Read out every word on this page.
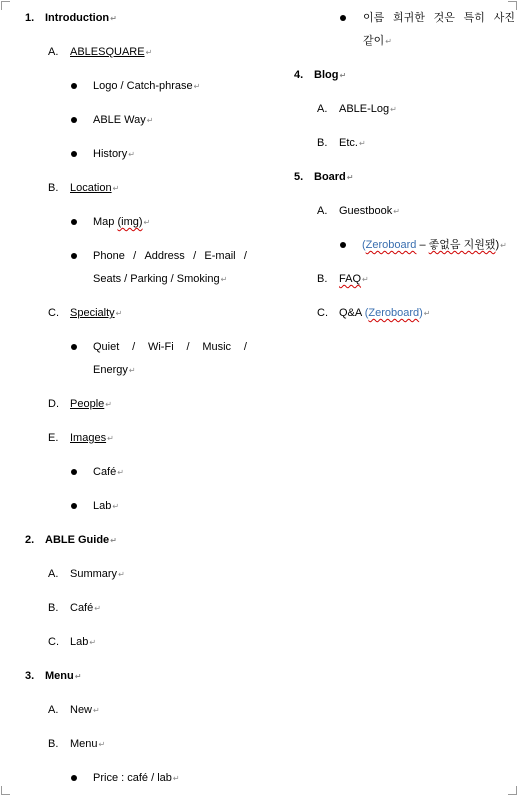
1. Introduction↵
A. ABLESQUARE↵
Logo / Catch-phrase↵
ABLE Way↵
History↵
B. Location↵
Map (img)↵
Phone / Address / E-mail /
Seats / Parking / Smoking↵
C. Specialty↵
Quiet / Wi-Fi / Music /
Energy↵
D. People↵
E. Images↵
Café↵
Lab↵
2. ABLE Guide↵
A. Summary↵
B. Café↵
C. Lab↵
3. Menu↵
A. New↵
B. Menu↵
Price : café / lab↵
이름 희귀한 것은 특히 사진
같이↵
4. Blog↵
A. ABLE-Log↵
B. Etc.↵
5. Board↵
A. Guestbook↵
(Zeroboard – 좋없음 지원됐)↵
B. FAQ↵
C. Q&A (Zeroboard)↵
